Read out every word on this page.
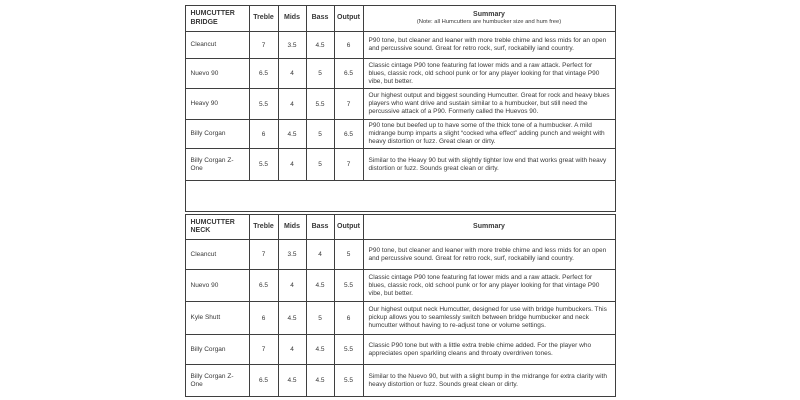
HUMCUTTER BRIDGE
Treble	Mids	Bass	Output	Summary
(Note: all Humcutters are humbucker size and hum free)
Cleancut	7	3.5	4.5	6
P90 tone, but cleaner and leaner with more treble chime and less mids for an open and percussive sound. Great for retro rock, surf, rockabilly iand country.
Nuevo 90	6.5	4	5	6.5
Classic cintage P90 tone featuring fat lower mids and a raw attack. Perfect for blues, classic rock, old school punk or for any player looking for that vintage P90 vibe, but better.
Heavy 90	5.5	4	5.5	7
Our highest output and biggest sounding Humcutter. Great for rock and heavy blues players who want drive and sustain similar to a humbucker, but still need the percussive attack of a P90. Formerly called the Huevos 90.
Billy Corgan	6	4.5	5	6.5
P90 tone but beefed up to have some of the thick tone of a humbucker. A mild midrange bump imparts a slight “cocked wha effect” adding punch and weight with heavy distortion or fuzz. Great clean or dirty.
Billy Corgan Z-One	5.5	4	5	7
Similar to the Heavy 90 but with slightly tighter low end that works great with heavy distortion or fuzz. Sounds great clean or dirty.
HUMCUTTER NECK
Treble	Mids	Bass	Output	Summary
Cleancut	7	3.5	4	5
P90 tone, but cleaner and leaner with more treble chime and less mids for an open and percussive sound. Great for retro rock, surf, rockabilly iand country.
Nuevo 90	6.5	4	4.5	5.5
Classic cintage P90 tone featuring fat lower mids and a raw attack. Perfect for blues, classic rock, old school punk or for any player looking for that vintage P90 vibe, but better.
Kyle Shutt	6	4.5	5	6
Our highest output neck Humcutter, designed for use with bridge humbuckers. This pickup allows you to seamlessly switch between bridge humbucker and neck humcutter without having to re-adjust tone or volume settings.
Billy Corgan	7	4	4.5	5.5
Classic P90 tone but with a little extra treble chime added. For the player who appreciates open sparkling cleans and throaty overdriven tones.
Billy Corgan Z-One	6.5	4.5	4.5	5.5
Similar to the Nuevo 90, but with a slight bump in the midrange for extra clarity with heavy distortion or fuzz. Sounds great clean or dirty.
